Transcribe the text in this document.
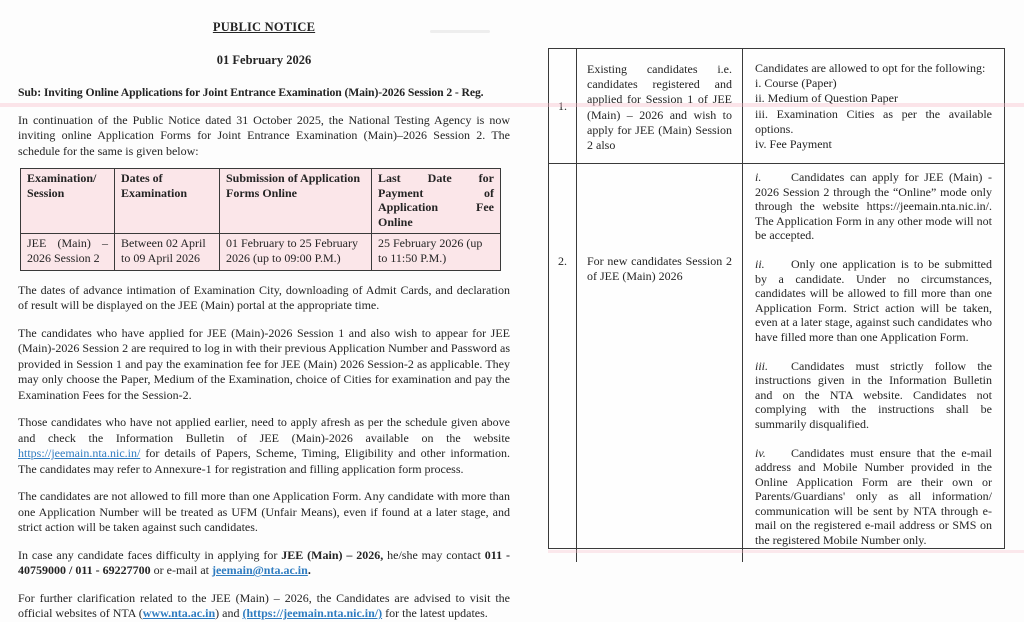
PUBLIC NOTICE
01 February 2026
Sub: Inviting Online Applications for Joint Entrance Examination (Main)-2026 Session 2 - Reg.
In continuation of the Public Notice dated 31 October 2025, the National Testing Agency is now inviting online Application Forms for Joint Entrance Examination (Main)–2026 Session 2. The schedule for the same is given below:
Examination/ Session
Dates of Examination
Submission of Application Forms Online
Last Date for Payment of Application Fee Online
JEE (Main) – 2026 Session 2
Between 02 April to 09 April 2026
01 February to 25 February 2026 (up to 09:00 P.M.)
25 February 2026 (up to 11:50 P.M.)
The dates of advance intimation of Examination City, downloading of Admit Cards, and declaration of result will be displayed on the JEE (Main) portal at the appropriate time.
The candidates who have applied for JEE (Main)-2026 Session 1 and also wish to appear for JEE (Main)-2026 Session 2 are required to log in with their previous Application Number and Password as provided in Session 1 and pay the examination fee for JEE (Main) 2026 Session-2 as applicable. They may only choose the Paper, Medium of the Examination, choice of Cities for examination and pay the Examination Fees for the Session-2.
Those candidates who have not applied earlier, need to apply afresh as per the schedule given above and check the Information Bulletin of JEE (Main)-2026 available on the website https://jeemain.nta.nic.in/ for details of Papers, Scheme, Timing, Eligibility and other information. The candidates may refer to Annexure-1 for registration and filling application form process.
The candidates are not allowed to fill more than one Application Form. Any candidate with more than one Application Number will be treated as UFM (Unfair Means), even if found at a later stage, and strict action will be taken against such candidates.
In case any candidate faces difficulty in applying for JEE (Main) – 2026, he/she may contact 011 - 40759000 / 011 - 69227700 or e-mail at jeemain@nta.ac.in.
For further clarification related to the JEE (Main) – 2026, the Candidates are advised to visit the official websites of NTA (www.nta.ac.in) and (https://jeemain.nta.nic.in/) for the latest updates.
1.
Existing candidates i.e. candidates registered and applied for Session 1 of JEE (Main) – 2026 and wish to apply for JEE (Main) Session 2 also
Candidates are allowed to opt for the following:
i. Course (Paper)
ii. Medium of Question Paper
iii. Examination Cities as per the available options.
iv. Fee Payment
2.	For new candidates Session 2 of JEE (Main) 2026

i. Candidates can apply for JEE (Main) - 2026 Session 2 through the “Online” mode only through the website https://jeemain.nta.nic.in/. The Application Form in any other mode will not be accepted.

ii. Only one application is to be submitted by a candidate. Under no circumstances, candidates will be allowed to fill more than one Application Form. Strict action will be taken, even at a later stage, against such candidates who have filled more than one Application Form.

iii. Candidates must strictly follow the instructions given in the Information Bulletin and on the NTA website. Candidates not complying with the instructions shall be summarily disqualified.

iv. Candidates must ensure that the e-mail address and Mobile Number provided in the Online Application Form are their own or Parents/Guardians' only as all information/ communication will be sent by NTA through e-mail on the registered e-mail address or SMS on the registered Mobile Number only.
